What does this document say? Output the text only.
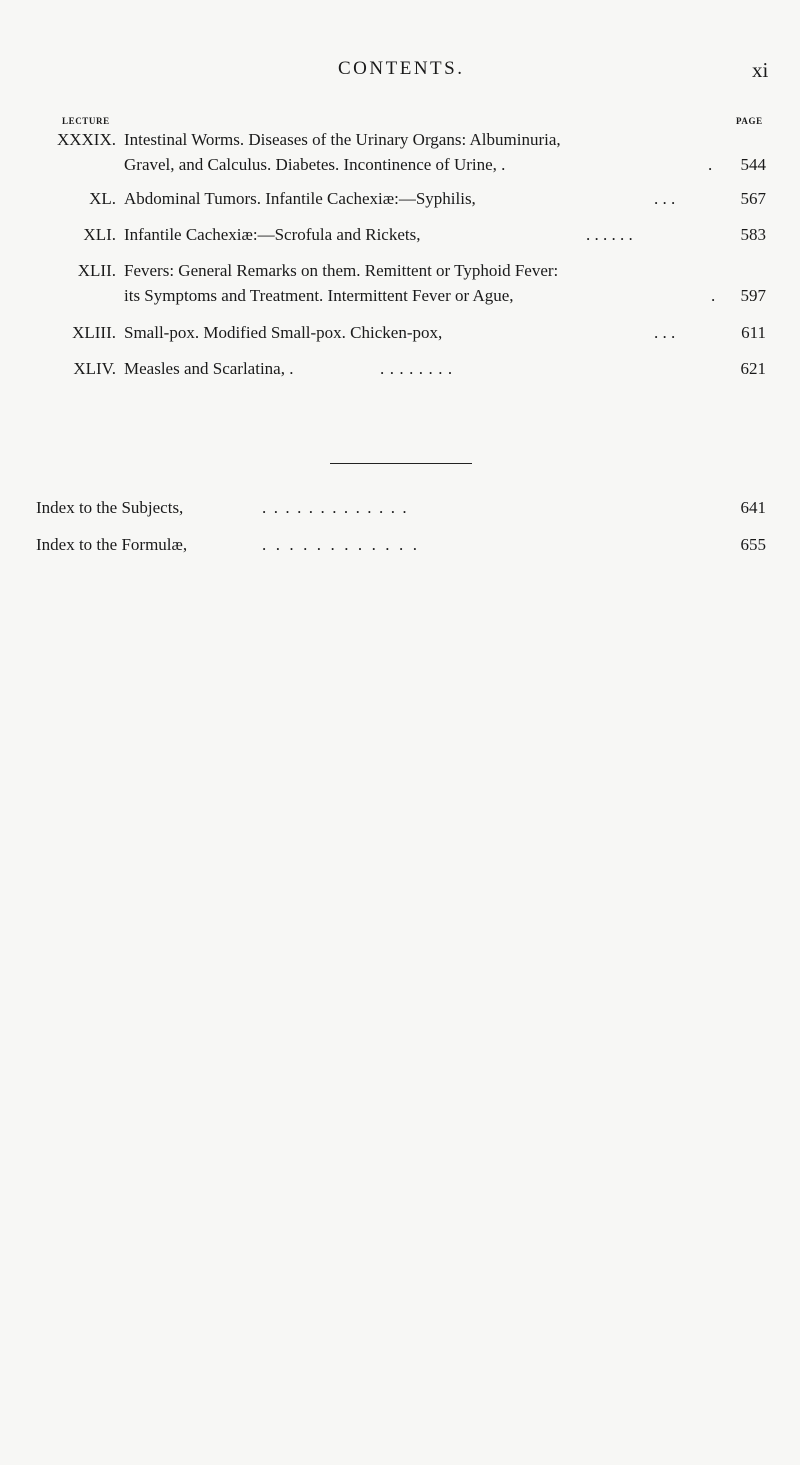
CONTENTS.	xi
LECTURE	PAGE
XXXIX. Intestinal Worms. Diseases of the Urinary Organs: Albuminuria,
Gravel, and Calculus. Diabetes. Incontinence of Urine, .	. 544
XL. Abdominal Tumors. Infantile Cachexiæ:—Syphilis,	. . .	567
XLI. Infantile Cachexiæ:—Scrofula and Rickets,	. . . . . .	583
XLII. Fevers: General Remarks on them. Remittent or Typhoid Fever:
its Symptoms and Treatment. Intermittent Fever or Ague,	. 597
XLIII. Small-pox. Modified Small-pox. Chicken-pox,	. . .	611
XLIV. Measles and Scarlatina, .	. . . . . . . .	621
Index to the Subjects,	. . . . . . . . . . . . .	641
Index to the Formulæ,	. . . . . . . . . . . .	655
